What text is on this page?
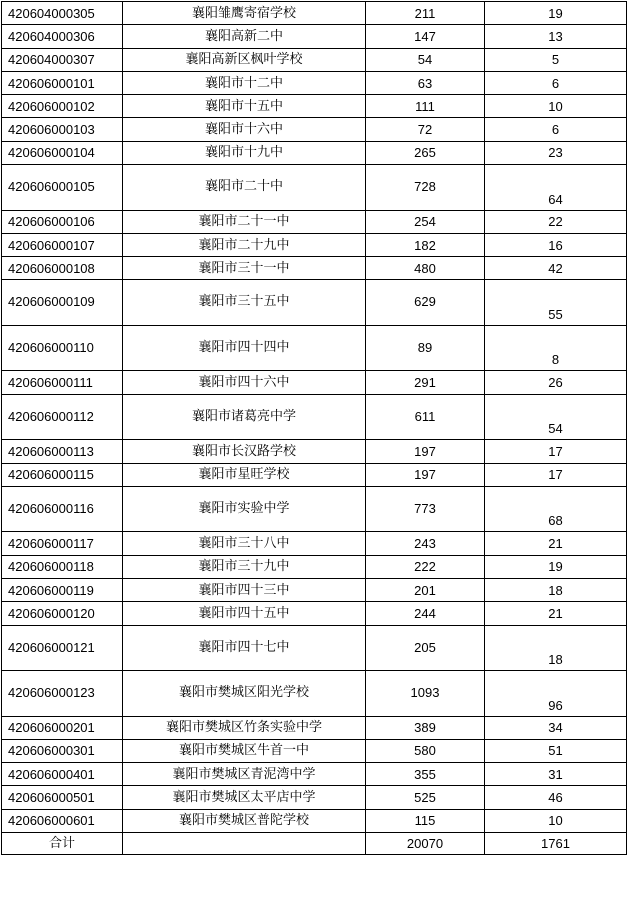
420604000305	襄阳雏鹰寄宿学校	211	19
420604000306	襄阳高新二中	147	13
420604000307	襄阳高新区枫叶学校	54	5
420606000101	襄阳市十二中	63	6
420606000102	襄阳市十五中	111	10
420606000103	襄阳市十六中	72	6
420606000104	襄阳市十九中	265	23
420606000105	襄阳市二十中	728	64
420606000106	襄阳市二十一中	254	22
420606000107	襄阳市二十九中	182	16
420606000108	襄阳市三十一中	480	42
420606000109	襄阳市三十五中	629	55
420606000110	襄阳市四十四中	89	8
420606000111	襄阳市四十六中	291	26
420606000112	襄阳市诸葛亮中学	611	54
420606000113	襄阳市长汉路学校	197	17
420606000115	襄阳市星旺学校	197	17
420606000116	襄阳市实验中学	773	68
420606000117	襄阳市三十八中	243	21
420606000118	襄阳市三十九中	222	19
420606000119	襄阳市四十三中	201	18
420606000120	襄阳市四十五中	244	21
420606000121	襄阳市四十七中	205	18
420606000123	襄阳市樊城区阳光学校	1093	96
420606000201	襄阳市樊城区竹条实验中学	389	34
420606000301	襄阳市樊城区牛首一中	580	51
420606000401	襄阳市樊城区青泥湾中学	355	31
420606000501	襄阳市樊城区太平店中学	525	46
420606000601	襄阳市樊城区普陀学校	115	10
合计		20070	1761
